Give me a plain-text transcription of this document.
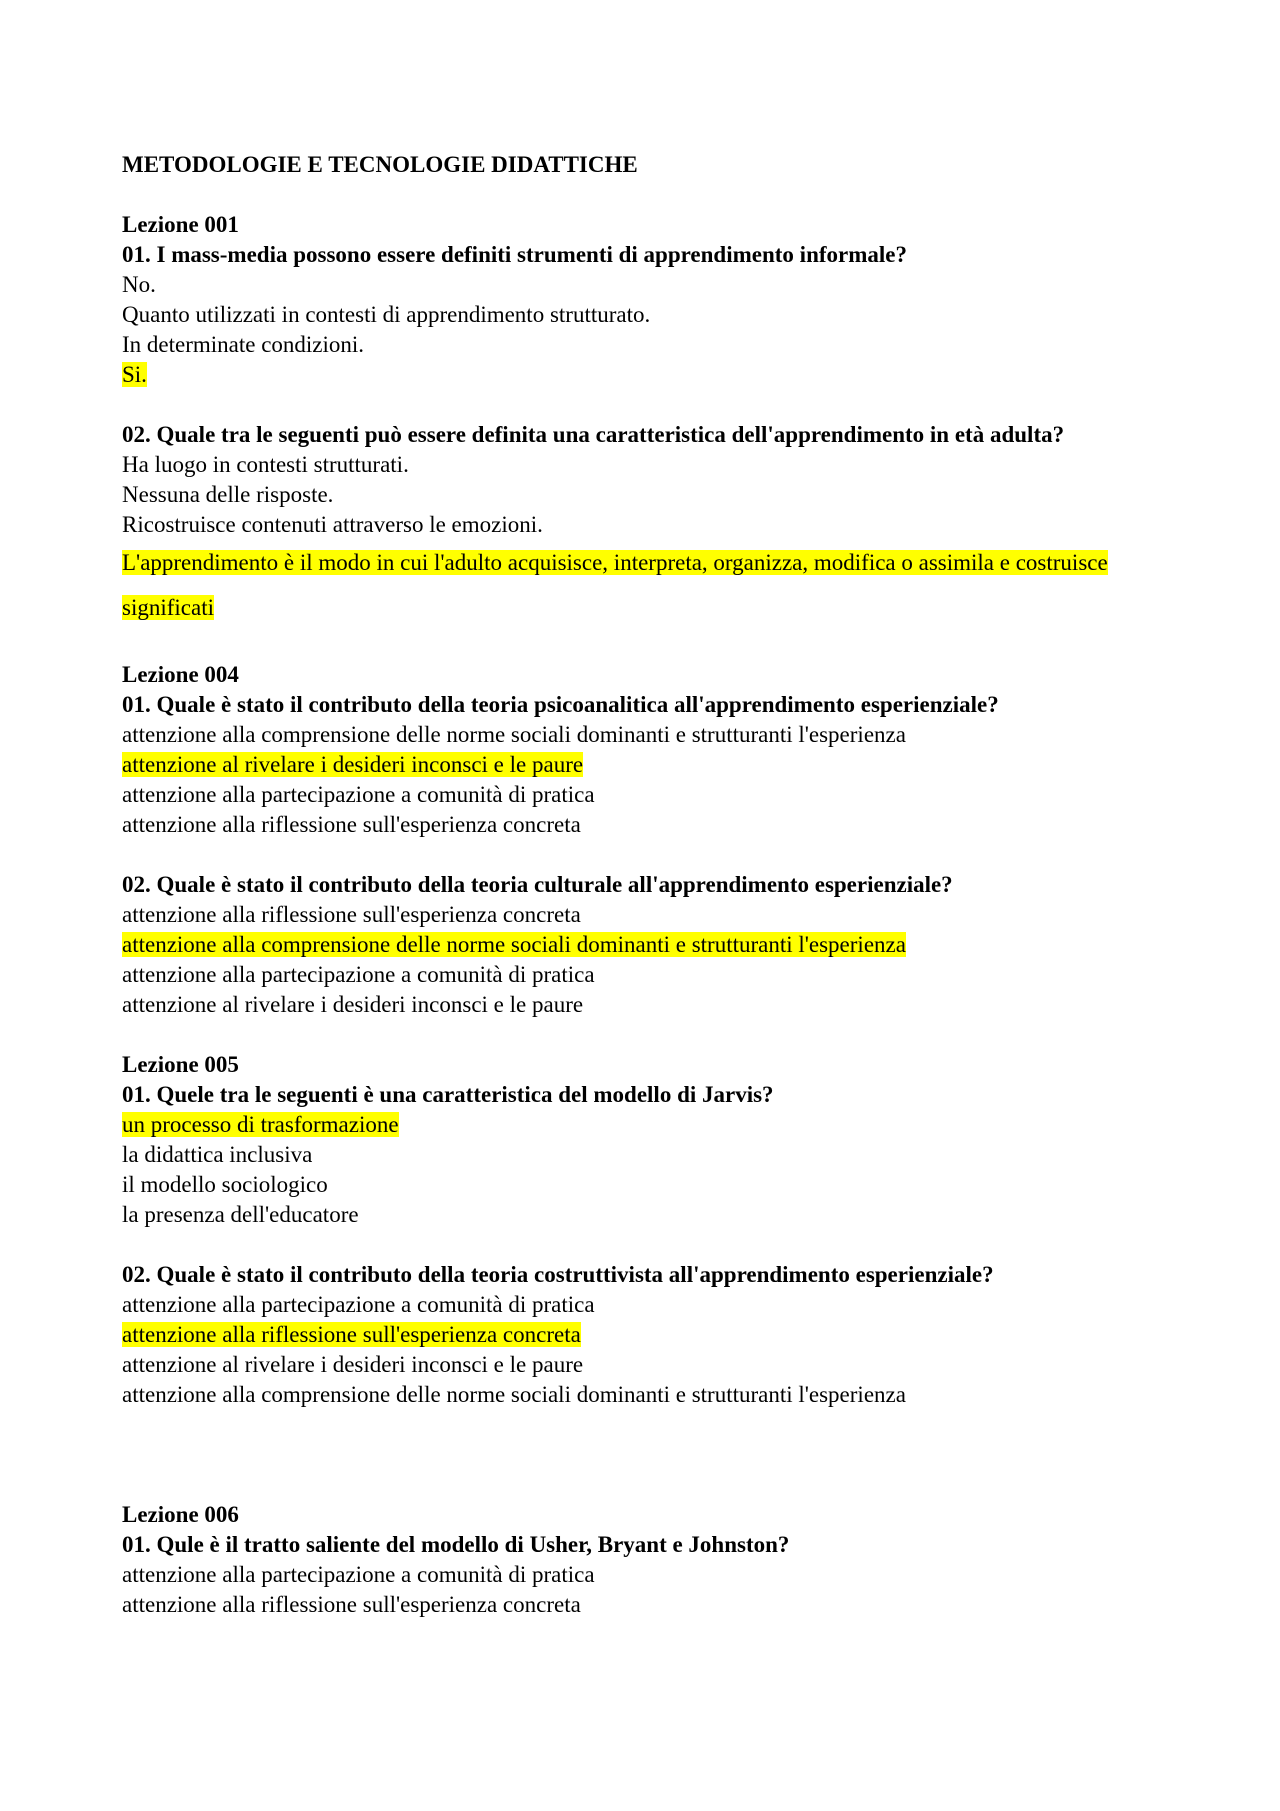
METODOLOGIE E TECNOLOGIE DIDATTICHE

Lezione 001

01. I mass-media possono essere definiti strumenti di apprendimento informale?

No.

Quanto utilizzati in contesti di apprendimento strutturato.

In determinate condizioni.

Si.

02. Quale tra le seguenti può essere definita una caratteristica dell'apprendimento in età adulta?

Ha luogo in contesti strutturati.

Nessuna delle risposte.

Ricostruisce contenuti attraverso le emozioni.

L'apprendimento è il modo in cui l'adulto acquisisce, interpreta, organizza, modifica o assimila e costruisce significati

Lezione 004

01. Quale è stato il contributo della teoria psicoanalitica all'apprendimento esperienziale?

attenzione alla comprensione delle norme sociali dominanti e strutturanti l'esperienza

attenzione al rivelare i desideri inconsci e le paure

attenzione alla partecipazione a comunità di pratica

attenzione alla riflessione sull'esperienza concreta

02. Quale è stato il contributo della teoria culturale all'apprendimento esperienziale?

attenzione alla riflessione sull'esperienza concreta

attenzione alla comprensione delle norme sociali dominanti e strutturanti l'esperienza

attenzione alla partecipazione a comunità di pratica

attenzione al rivelare i desideri inconsci e le paure

Lezione 005

01. Quele tra le seguenti è una caratteristica del modello di Jarvis?

un processo di trasformazione

la didattica inclusiva

il modello sociologico

la presenza dell'educatore

02. Quale è stato il contributo della teoria costruttivista all'apprendimento esperienziale?

attenzione alla partecipazione a comunità di pratica

attenzione alla riflessione sull'esperienza concreta

attenzione al rivelare i desideri inconsci e le paure

attenzione alla comprensione delle norme sociali dominanti e strutturanti l'esperienza

Lezione 006

01. Qule è il tratto saliente del modello di Usher, Bryant e Johnston?

attenzione alla partecipazione a comunità di pratica

attenzione alla riflessione sull'esperienza concreta
